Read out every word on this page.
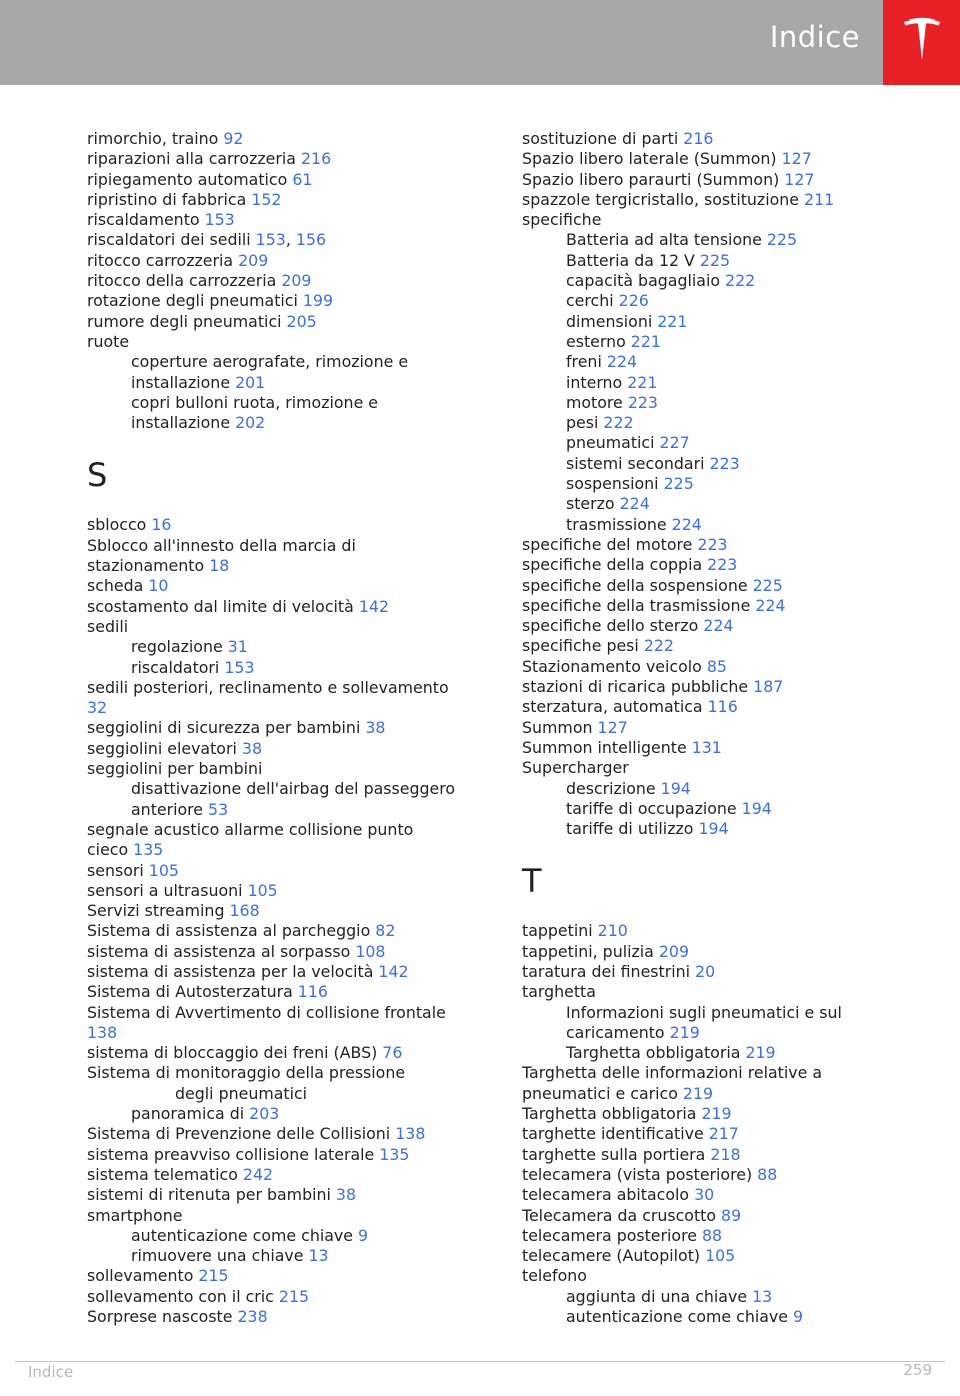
Indice
rimorchio, traino 92
riparazioni alla carrozzeria 216
ripiegamento automatico 61
ripristino di fabbrica 152
riscaldamento 153
riscaldatori dei sedili 153, 156
ritocco carrozzeria 209
ritocco della carrozzeria 209
rotazione degli pneumatici 199
rumore degli pneumatici 205
ruote
coperture aerografate, rimozione e
installazione 201
copri bulloni ruota, rimozione e
installazione 202
S
sblocco 16
Sblocco all'innesto della marcia di
stazionamento 18
scheda 10
scostamento dal limite di velocità 142
sedili
regolazione 31
riscaldatori 153
sedili posteriori, reclinamento e sollevamento
32
seggiolini di sicurezza per bambini 38
seggiolini elevatori 38
seggiolini per bambini
disattivazione dell'airbag del passeggero
anteriore 53
segnale acustico allarme collisione punto
cieco 135
sensori 105
sensori a ultrasuoni 105
Servizi streaming 168
Sistema di assistenza al parcheggio 82
sistema di assistenza al sorpasso 108
sistema di assistenza per la velocità 142
Sistema di Autosterzatura 116
Sistema di Avvertimento di collisione frontale
138
sistema di bloccaggio dei freni (ABS) 76
Sistema di monitoraggio della pressione
degli pneumatici
panoramica di 203
Sistema di Prevenzione delle Collisioni 138
sistema preavviso collisione laterale 135
sistema telematico 242
sistemi di ritenuta per bambini 38
smartphone
autenticazione come chiave 9
rimuovere una chiave 13
sollevamento 215
sollevamento con il cric 215
Sorprese nascoste 238
sostituzione di parti 216
Spazio libero laterale (Summon) 127
Spazio libero paraurti (Summon) 127
spazzole tergicristallo, sostituzione 211
specifiche
Batteria ad alta tensione 225
Batteria da 12 V 225
capacità bagagliaio 222
cerchi 226
dimensioni 221
esterno 221
freni 224
interno 221
motore 223
pesi 222
pneumatici 227
sistemi secondari 223
sospensioni 225
sterzo 224
trasmissione 224
specifiche del motore 223
specifiche della coppia 223
specifiche della sospensione 225
specifiche della trasmissione 224
specifiche dello sterzo 224
specifiche pesi 222
Stazionamento veicolo 85
stazioni di ricarica pubbliche 187
sterzatura, automatica 116
Summon 127
Summon intelligente 131
Supercharger
descrizione 194
tariffe di occupazione 194
tariffe di utilizzo 194
T
tappetini 210
tappetini, pulizia 209
taratura dei finestrini 20
targhetta
Informazioni sugli pneumatici e sul
caricamento 219
Targhetta obbligatoria 219
Targhetta delle informazioni relative a
pneumatici e carico 219
Targhetta obbligatoria 219
targhette identificative 217
targhette sulla portiera 218
telecamera (vista posteriore) 88
telecamera abitacolo 30
Telecamera da cruscotto 89
telecamera posteriore 88
telecamere (Autopilot) 105
telefono
aggiunta di una chiave 13
autenticazione come chiave 9
Indice	259
